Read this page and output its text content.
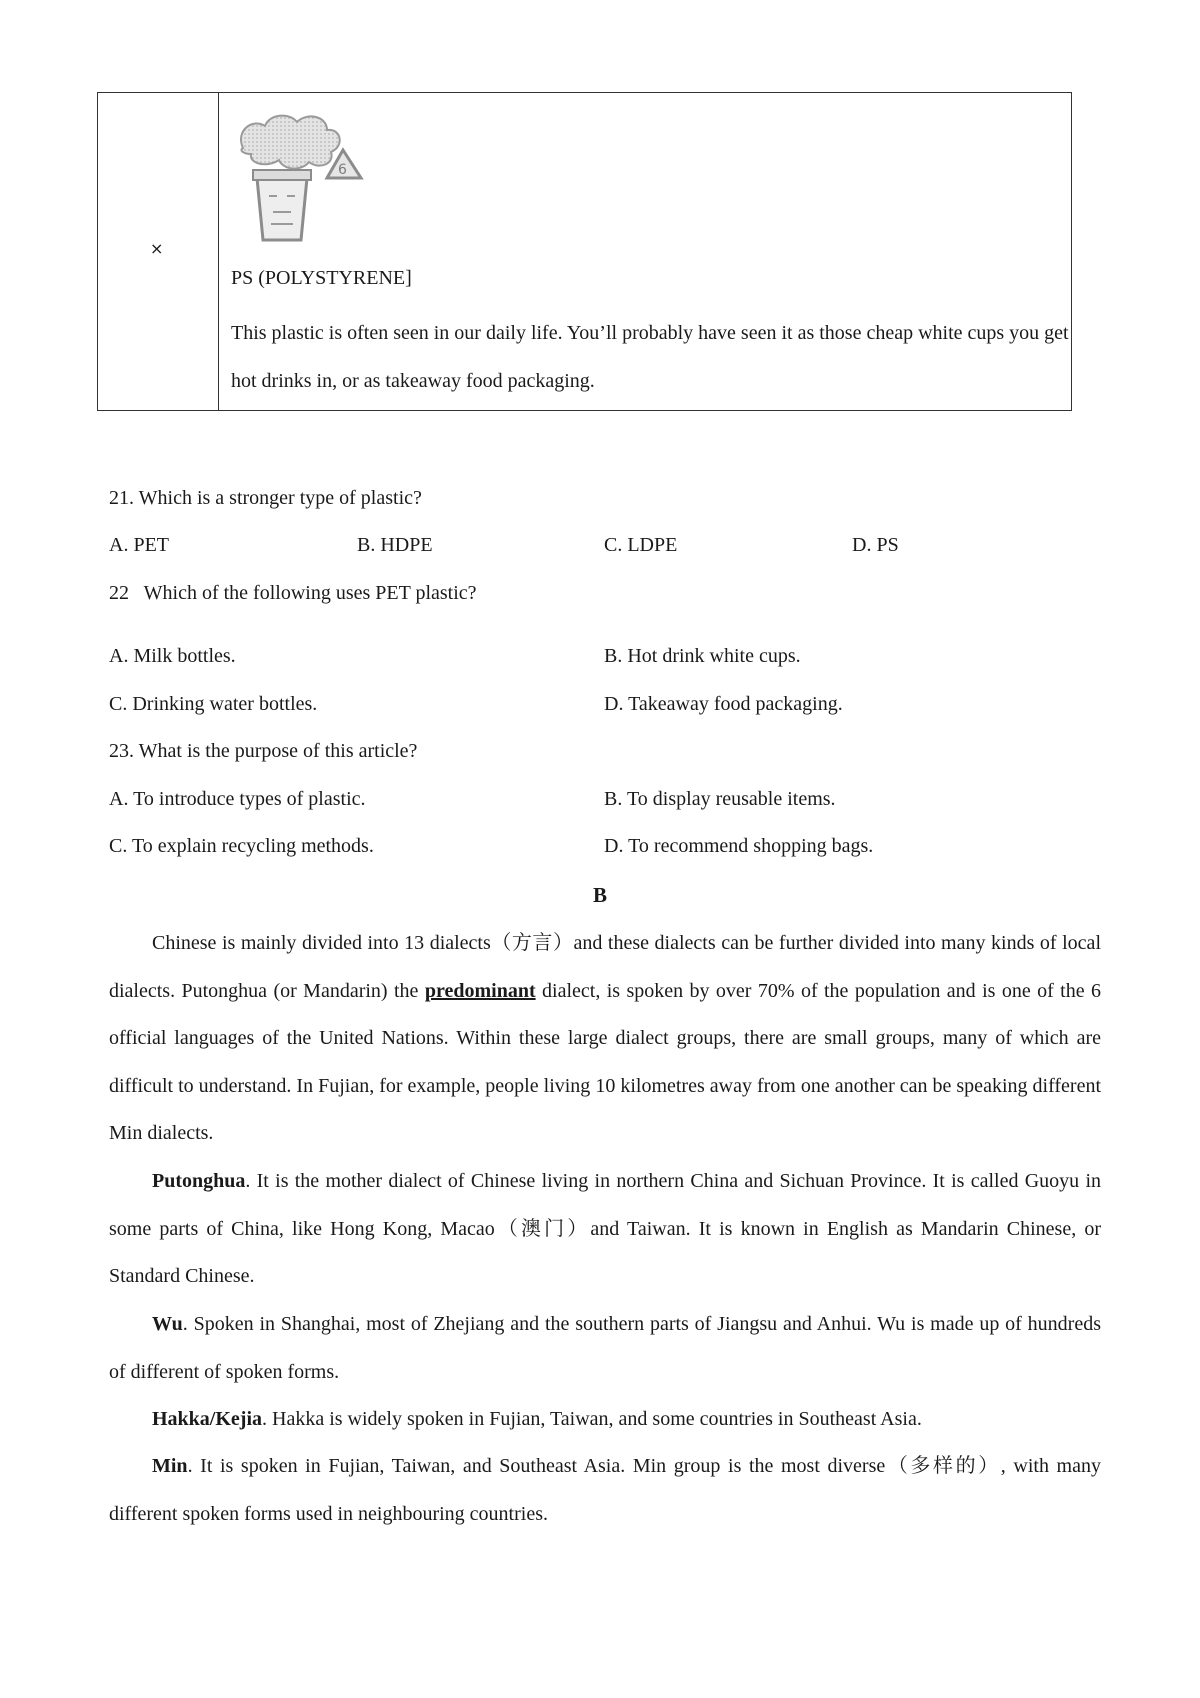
×
6
PS (POLYSTYRENE]
This plastic is often seen in our daily life. You’ll probably have seen it as those cheap white cups you get hot drinks in, or as takeaway food packaging.
21. Which is a stronger type of plastic?
A. PET	B. HDPE	C. LDPE	D. PS
22   Which of the following uses PET plastic?
A. Milk bottles.	B. Hot drink white cups.
C. Drinking water bottles.	D. Takeaway food packaging.
23. What is the purpose of this article?
A. To introduce types of plastic.	B. To display reusable items.
C. To explain recycling methods.	D. To recommend shopping bags.
B

Chinese is mainly divided into 13 dialects（方言）and these dialects can be further divided into many kinds of local dialects. Putonghua (or Mandarin) the predominant dialect, is spoken by over 70% of the population and is one of the 6 official languages of the United Nations. Within these large dialect groups, there are small groups, many of which are difficult to understand. In Fujian, for example, people living 10 kilometres away from one another can be speaking different Min dialects.

Putonghua. It is the mother dialect of Chinese living in northern China and Sichuan Province. It is called Guoyu in some parts of China, like Hong Kong, Macao（澳门）and Taiwan. It is known in English as Mandarin Chinese, or Standard Chinese.

Wu. Spoken in Shanghai, most of Zhejiang and the southern parts of Jiangsu and Anhui. Wu is made up of hundreds of different of spoken forms.

Hakka/Kejia. Hakka is widely spoken in Fujian, Taiwan, and some countries in Southeast Asia.

Min. It is spoken in Fujian, Taiwan, and Southeast Asia. Min group is the most diverse（多样的）, with many different spoken forms used in neighbouring countries.
